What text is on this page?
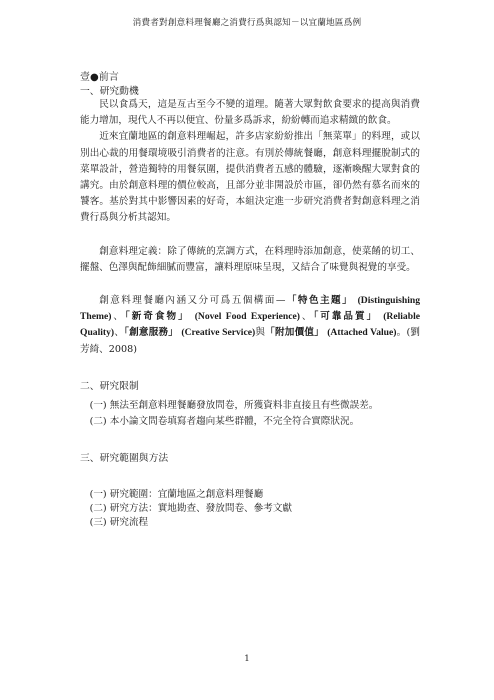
消費者對創意料理餐廳之消費行爲與認知－以宜蘭地區爲例

壹●前言

一、研究動機

民以食爲天，這是亙古至今不變的道理。隨著大眾對飲食要求的提高與消費能力增加，現代人不再以便宜、份量多爲訴求，紛紛轉而追求精緻的飲食。

近來宜蘭地區的創意料理崛起，許多店家紛紛推出「無菜單」的料理，或以別出心裁的用餐環境吸引消費者的注意。有別於傳統餐廳，創意料理擺脫制式的菜單設計，營造獨特的用餐氛圍，提供消費者五感的體驗，逐漸喚醒大眾對食的講究。由於創意料理的價位較高，且部分並非開設於市區，卻仍然有慕名而來的饕客。基於對其中影響因素的好奇，本組決定進一步研究消費者對創意料理之消費行爲與分析其認知。

創意料理定義：除了傳統的烹調方式，在料理時添加創意，使菜餚的切工、擺盤、色澤與配飾細膩而豐富，讓料理原味呈現，又結合了味覺與視覺的享受。

創意料理餐廳內涵又分可爲五個構面—「特色主題」 (Distinguishing Theme)、「新奇食物」 (Novel Food Experience)、「可靠品質」 (Reliable Quality)、「創意服務」 (Creative Service)與「附加價值」 (Attached Value)。(劉芳綺、2008)

二、研究限制

(一) 無法至創意料理餐廳發放問卷，所獲資料非直接且有些微誤差。

(二) 本小論文問卷填寫者趨向某些群體，不完全符合實際狀況。

三、研究範圍與方法

(一) 研究範圍：宜蘭地區之創意料理餐廳

(二) 研究方法：實地勘查、發放問卷、參考文獻

(三) 研究流程

1
